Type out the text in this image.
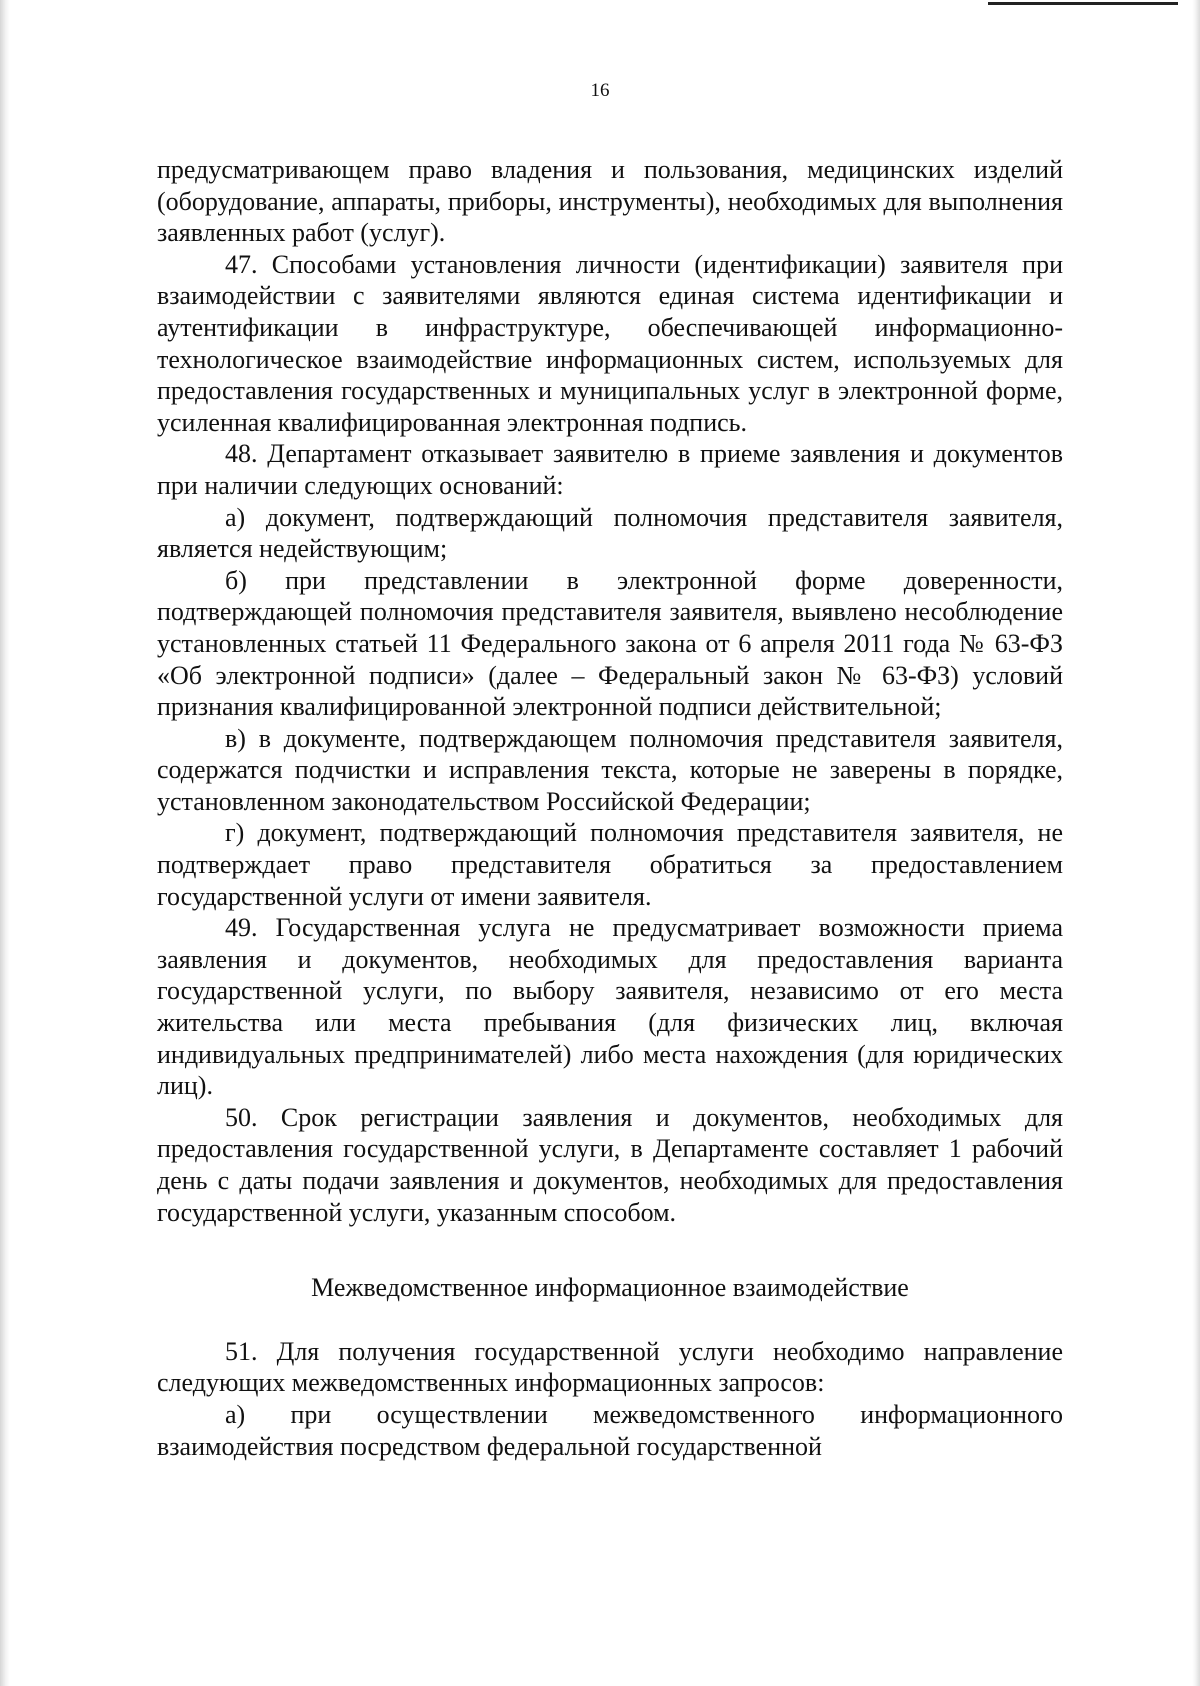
16

предусматривающем право владения и пользования, медицинских изделий (оборудование, аппараты, приборы, инструменты), необходимых для выполнения заявленных работ (услуг).

47. Способами установления личности (идентификации) заявителя при взаимодействии с заявителями являются единая система идентификации и аутентификации в инфраструктуре, обеспечивающей информационно-технологическое взаимодействие информационных систем, используемых для предоставления государственных и муниципальных услуг в электронной форме, усиленная квалифицированная электронная подпись.

48. Департамент отказывает заявителю в приеме заявления и документов при наличии следующих оснований:

а) документ, подтверждающий полномочия представителя заявителя, является недействующим;

б) при представлении в электронной форме доверенности, подтверждающей полномочия представителя заявителя, выявлено несоблюдение установленных статьей 11 Федерального закона от 6 апреля 2011 года № 63-ФЗ «Об электронной подписи» (далее – Федеральный закон № 63-ФЗ) условий признания квалифицированной электронной подписи действительной;

в) в документе, подтверждающем полномочия представителя заявителя, содержатся подчистки и исправления текста, которые не заверены в порядке, установленном законодательством Российской Федерации;

г) документ, подтверждающий полномочия представителя заявителя, не подтверждает право представителя обратиться за предоставлением государственной услуги от имени заявителя.

49. Государственная услуга не предусматривает возможности приема заявления и документов, необходимых для предоставления варианта государственной услуги, по выбору заявителя, независимо от его места жительства или места пребывания (для физических лиц, включая индивидуальных предпринимателей) либо места нахождения (для юридических лиц).

50. Срок регистрации заявления и документов, необходимых для предоставления государственной услуги, в Департаменте составляет 1 рабочий день с даты подачи заявления и документов, необходимых для предоставления государственной услуги, указанным способом.

Межведомственное информационное взаимодействие

51. Для получения государственной услуги необходимо направление следующих межведомственных информационных запросов:

а) при осуществлении межведомственного информационного взаимодействия посредством федеральной государственной
